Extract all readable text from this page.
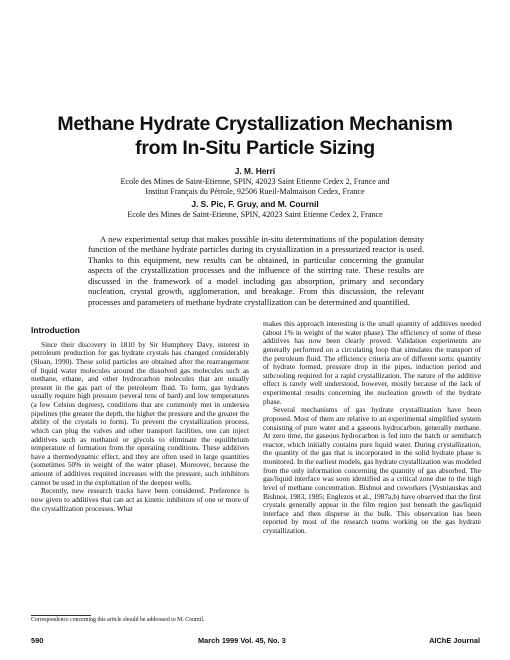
Methane Hydrate Crystallization Mechanism
from In-Situ Particle Sizing
J. M. Herri
Ecole des Mines de Saint-Etienne, SPIN, 42023 Saint Etienne Cedex 2, France and
Institut Français du Pétrole, 92506 Rueil-Malmaison Cedex, France
J. S. Pic, F. Gruy, and M. Cournil
Ecole des Mines de Saint-Etienne, SPIN, 42023 Saint Etienne Cedex 2, France

A new experimental setup that makes possible in-situ determinations of the population density function of the methane hydrate particles during its crystallization in a pressurized reactor is used. Thanks to this equipment, new results can be obtained, in particular concerning the granular aspects of the crystallization processes and the influence of the stirring rate. These results are discussed in the framework of a model including gas absorption, primary and secondary nucleation, crystal growth, agglomeration, and breakage. From this discussion, the relevant processes and parameters of methane hydrate crystallization can be determined and quantified.

Introduction

Since their discovery in 1810 by Sir Humphrey Davy, interest in petroleum production for gas hydrate crystals has changed considerably (Sloan, 1990). These solid particles are obtained after the rearrangement of liquid water molecules around the dissolved gas molecules such as methane, ethane, and other hydrocarbon molecules that are usually present in the gas part of the petroleum fluid. To form, gas hydrates usually require high pressure (several tens of bard) and low temperatures (a few Celsius degrees), conditions that are commonly met in undersea pipelines (the greater the depth, the higher the pressure and the greater the ability of the crystals to form). To prevent the crystallization process, which can plug the valves and other transport facilities, one can inject additives such as methanol or glycols to eliminate the equilibrium temperature of formation from the operating conditions. These additives have a thermodynamic effect, and they are often used in large quantities (sometimes 50% in weight of the water phase). Moreover, because the amount of additives required increases with the pressure, such inhibitors cannot be used in the exploitation of the deepest wells.

Recently, new research tracks have been considered. Preference is now given to additives that can act as kinetic inhibitors of one or more of the crystallization processes. What

makes this approach interesting is the small quantity of additives needed (about 1% in weight of the water phase). The efficiency of some of these additives has now been clearly proved. Validation experiments are generally performed on a circulating loop that simulates the transport of the petroleum fluid. The efficiency criteria are of different sorts: quantity of hydrate formed, pressure drop in the pipes, induction period and subcooling required for a rapid crystallization. The nature of the additive effect is rarely well understood, however, mostly because of the lack of experimental results concerning the nucleation growth of the hydrate phase.

Several mechanisms of gas hydrate crystallization have been proposed. Most of them are relative to an experimental simplified system consisting of pure water and a gaseous hydrocarbon, generally methane. At zero time, the gaseous hydrocarbon is fed into the batch or semibatch reactor, which initially contains pure liquid water. During crystallization, the quantity of the gas that is incorporated in the solid hydrate phase is monitored. In the earliest models, gas hydrate crystallization was modeled from the only information concerning the quantity of gas absorbed. The gas/liquid interface was soon identified as a critical zone due to the high level of methane concentration. Bishnoi and coworkers (Vysniauskas and Bishnoi, 1983, 1985; Englezos et al., 1987a,b) have observed that the first crystals generally appear in the film region just beneath the gas/liquid interface and then disperse in the bulk. This observation has been reported by most of the research teams working on the gas hydrate crystallization.

Correspondence concerning this article should be addressed to M. Cournil.
590	March 1999 Vol. 45, No. 3	AIChE Journal
